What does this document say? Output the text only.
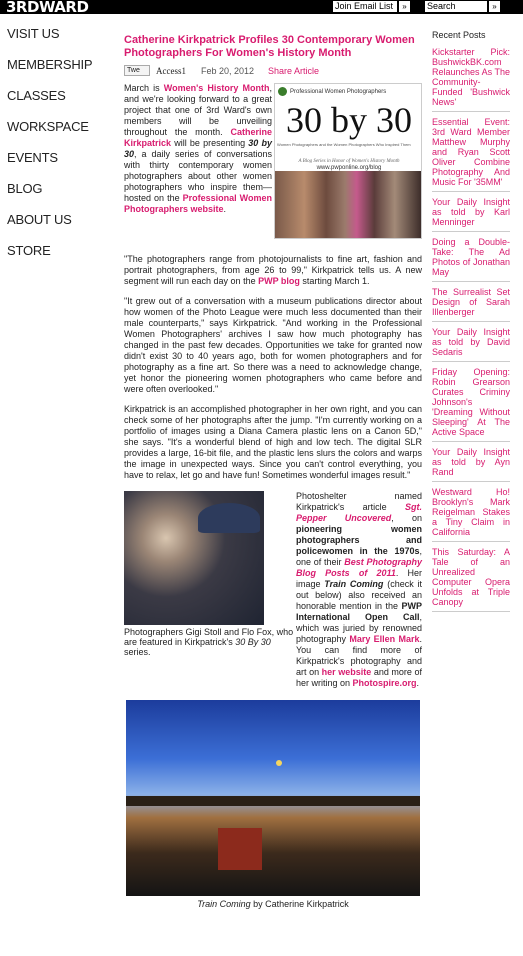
3RDWARD
Join Email List	»
Search	»
VISIT US
MEMBERSHIP
CLASSES
WORKSPACE
EVENTS
BLOG
ABOUT US
STORE
Catherine Kirkpatrick Profiles 30 Contemporary Women Photographers For Women's History Month
Twe	Access1 Feb 20, 2012 Share Article

March is Women's History Month, and we're looking forward to a great project that one of 3rd Ward's own members will be unveiling throughout the month. Catherine Kirkpatrick will be presenting 30 by 30, a daily series of conversations with thirty contemporary women photographers about other women photographers who inspire them—hosted on the Professional Women Photographers website.

Professional Women Photographers
30 by 30
Women Photographers and the Women Photographers Who Inspired Them
A Blog Series in Honor of Women's History Month
www.pwponline.org/blog

"The photographers range from photojournalists to fine art, fashion and portrait photographers, from age 26 to 99," Kirkpatrick tells us. A new segment will run each day on the PWP blog starting March 1.

"It grew out of a conversation with a museum publications director about how women of the Photo League were much less documented than their male counterparts," says Kirkpatrick. "And working in the Professional Women Photographers' archives I saw how much photography has changed in the past few decades. Opportunities we take for granted now didn't exist 30 to 40 years ago, both for women photographers and for photography as a fine art. So there was a need to acknowledge change, yet honor the pioneering women photographers who came before and were often overlooked."

Kirkpatrick is an accomplished photographer in her own right, and you can check some of her photographs after the jump. "I'm currently working on a portfolio of images using a Diana Camera plastic lens on a Canon 5D," she says. "It's a wonderful blend of high and low tech. The digital SLR provides a large, 16-bit file, and the plastic lens slurs the colors and warps the image in unexpected ways. Since you can't control everything, you have to relax, let go and have fun! Sometimes wonderful images result."

Photographers Gigi Stoll and Flo Fox, who are featured in Kirkpatrick's 30 By 30 series.

Photoshelter named Kirkpatrick's article Sgt. Pepper Uncovered, on pioneering women photographers and policewomen in the 1970s, one of their Best Photography Blog Posts of 2011. Her image Train Coming (check it out below) also received an honorable mention in the PWP International Open Call, which was juried by renowned photography Mary Ellen Mark. You can find more of Kirkpatrick's photography and art on her website and more of her writing on Photospire.org.

Train Coming by Catherine Kirkpatrick

Recent Posts
Kickstarter Pick: BushwickBK.com Relaunches As The Community-Funded 'Bushwick News'
Essential Event: 3rd Ward Member Matthew Murphy and Ryan Scott Oliver Combine Photography And Music For '35MM'
Your Daily Insight as told by Karl Menninger
Doing a Double-Take: The Ad Photos of Jonathan May
The Surrealist Set Design of Sarah Illenberger
Your Daily Insight as told by David Sedaris
Friday Opening: Robin Grearson Curates Criminy Johnson's 'Dreaming Without Sleeping' At The Active Space
Your Daily Insight as told by Ayn Rand
Westward Ho! Brooklyn's Mark Reigelman Stakes a Tiny Claim in California
This Saturday: A Tale of an Unrealized Computer Opera Unfolds at Triple Canopy
